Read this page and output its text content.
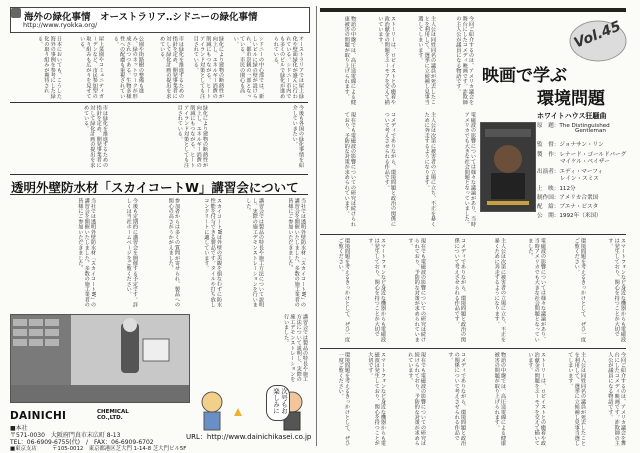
海外の緑化事情　オーストラリア‥シドニーの緑化事情
http://www.ryokka.org/
オーストラリアでは屋上緑化や壁面緑化が盛んに行われている。シドニー市内でも多くのビルで緑化が進められている。
シドニーの中心部では、新しいビルに緑の壁が設けられ、都市景観の一部となっている。市民の関心も高い。
緑化により建物の断熱性が向上し、エネルギー消費の削減にもつながる。ヒートアイランド対策としても注目されている。
市は緑化を推進するための指針を定め、開発事業者に対して緑化計画の提出を求めている。
公園や街路樹の整備も進み、緑のネットワークが形成されつつある。生物多様性への配慮も重視されている。
屋上菜園やコミュニティガーデンなど、市民参加型の取り組みも広がりを見せている。
日本においても、こうした海外の事例を参考にした緑化の取り組みが期待される。
今後も各国の緑化事情を紹介していきたい。
緑化により建物の断熱性が向上し、エネルギー消費の削減にもつながる。ヒートアイランド対策としても注目されている。
市は緑化を推進するための指針を定め、開発事業者に対して緑化計画の提出を求めている。
透明外壁防水材「スカイコートW」講習会について
当社では透明外壁防水材「スカイコートW」の講習会を開催いたしました。多数の施工業者の皆様にご参加いただきました。
講習会では製品の特長や施工方法について説明し、実際の施工デモンストレーションを行いました。
スカイコートWは外壁の美観を損なわずに防水性能を付与できる製品です。タイルや打ち放しコンクリートに適しています。
参加者からは多くの質問が寄せられ、製品への関心の高さがうかがえました。
今後も定期的に講習会を開催する予定です。詳しくは当社ホームページをご覧ください。
当社では透明外壁防水材「スカイコートW」の講習会を開催いたしました。多数の施工業者の皆様にご参加いただきました。
講習会では製品の特長や施工方法について説明し、実際の施工デモンストレーションを行いました。
DAINICHI	CHEMICAL
CO.,LTD.
■本社
〒571-0030　大阪府門真市末広町 8-13
TEL：06-6909-6755(代)　/　FAX：06-6909-6702
■東京支店	〒105-0012　東京都港区芝大門 1-14-8 芝大門ビル5F
次号もお楽しみに
URL：http://www.dainichikasei.co.jp
Vol.45
映画で学ぶ
環境問題
今回ご紹介するのは、アメリカ議会を舞台にしたコメディ映画です。詐欺師の主人公が議員になる物語です。
主人公は同姓同名の議員が死去したことを利用して、選挙に立候補し見事当選してしまいます。
ストーリーは、ロビイストとの癒着や政治献金の問題をユーモアを交えて描いています。
物語の中盤では、高圧送電線による健康被害の問題が取り上げられます。
電磁波の影響については様々な議論があり、当時アメリカでも大きな社会問題となっていました。
主人公は次第に被害者の立場に立ち、不正を暴くために奔走するようになります。
コメディでありながら、環境問題と政治の関係について考えさせられる作品です。
現在でも電磁波の影響についての研究は続けられており、予防的な対策が求められています。	ホワイトハウス狂騒曲
原　題：The Distinguished
Gentleman
監　督：ジョナサン・リン
製　作：レナード・ゴールドバーグ
マイケル・ペイザー
出演者：エディ・マーフィ
レイン・スミス
上　映：112分
制作国：アメリカ合衆国
配　給：ブエナ・ビスタ
公　開：1992年（米国）
スマートフォンなど身近な機器からも電磁波は発生しており、関心を持つことが大切です。
環境問題を考えるきっかけとして、ぜひ一度ご覧ください。
電磁波の影響については様々な議論があり、当時アメリカでも大きな社会問題となっていました。
主人公は次第に被害者の立場に立ち、不正を暴くために奔走するようになります。
コメディでありながら、環境問題と政治の関係について考えさせられる作品です。
現在でも電磁波の影響についての研究は続けられており、予防的な対策が求められています。
スマートフォンなど身近な機器からも電磁波は発生しており、関心を持つことが大切です。
環境問題を考えるきっかけとして、ぜひ一度ご覧ください。
今回ご紹介するのは、アメリカ議会を舞台にしたコメディ映画です。詐欺師の主人公が議員になる物語です。
主人公は同姓同名の議員が死去したことを利用して、選挙に立候補し見事当選してしまいます。
ストーリーは、ロビイストとの癒着や政治献金の問題をユーモアを交えて描いています。
物語の中盤では、高圧送電線による健康被害の問題が取り上げられます。
コメディでありながら、環境問題と政治の関係について考えさせられる作品です。
現在でも電磁波の影響についての研究は続けられており、予防的な対策が求められています。
スマートフォンなど身近な機器からも電磁波は発生しており、関心を持つことが大切です。
環境問題を考えるきっかけとして、ぜひ一度ご覧ください。
